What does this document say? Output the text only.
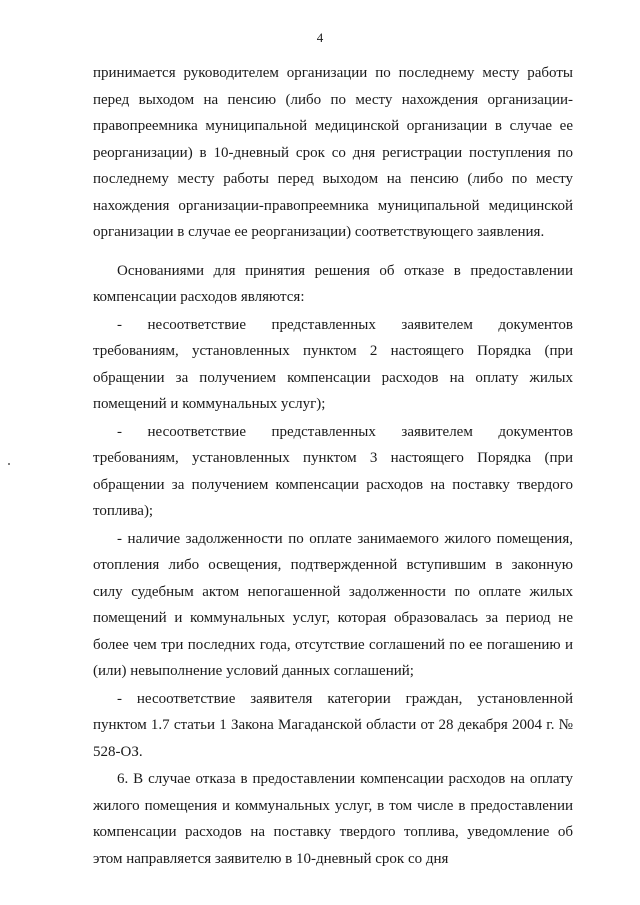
4

принимается руководителем организации по последнему месту работы перед выходом на пенсию (либо по месту нахождения организации-правопреемника муниципальной медицинской организации в случае ее реорганизации) в 10-дневный срок со дня регистрации поступления по последнему месту работы перед выходом на пенсию (либо по месту нахождения организации-правопреемника муниципальной медицинской организации в случае ее реорганизации) соответствующего заявления.

Основаниями для принятия решения об отказе в предоставлении компенсации расходов являются:

- несоответствие представленных заявителем документов требованиям, установленных пунктом 2 настоящего Порядка (при обращении за получением компенсации расходов на оплату жилых помещений и коммунальных услуг);

- несоответствие представленных заявителем документов требованиям, установленных пунктом 3 настоящего Порядка (при обращении за получением компенсации расходов на поставку твердого топлива);

- наличие задолженности по оплате занимаемого жилого помещения, отопления либо освещения, подтвержденной вступившим в законную силу судебным актом непогашенной задолженности по оплате жилых помещений и коммунальных услуг, которая образовалась за период не более чем три последних года, отсутствие соглашений по ее погашению и (или) невыполнение условий данных соглашений;

- несоответствие заявителя категории граждан, установленной пунктом 1.7 статьи 1 Закона Магаданской области от 28 декабря 2004 г. № 528-ОЗ.

6. В случае отказа в предоставлении компенсации расходов на оплату жилого помещения и коммунальных услуг, в том числе в предоставлении компенсации расходов на поставку твердого топлива, уведомление об этом направляется заявителю в 10-дневный срок со дня
